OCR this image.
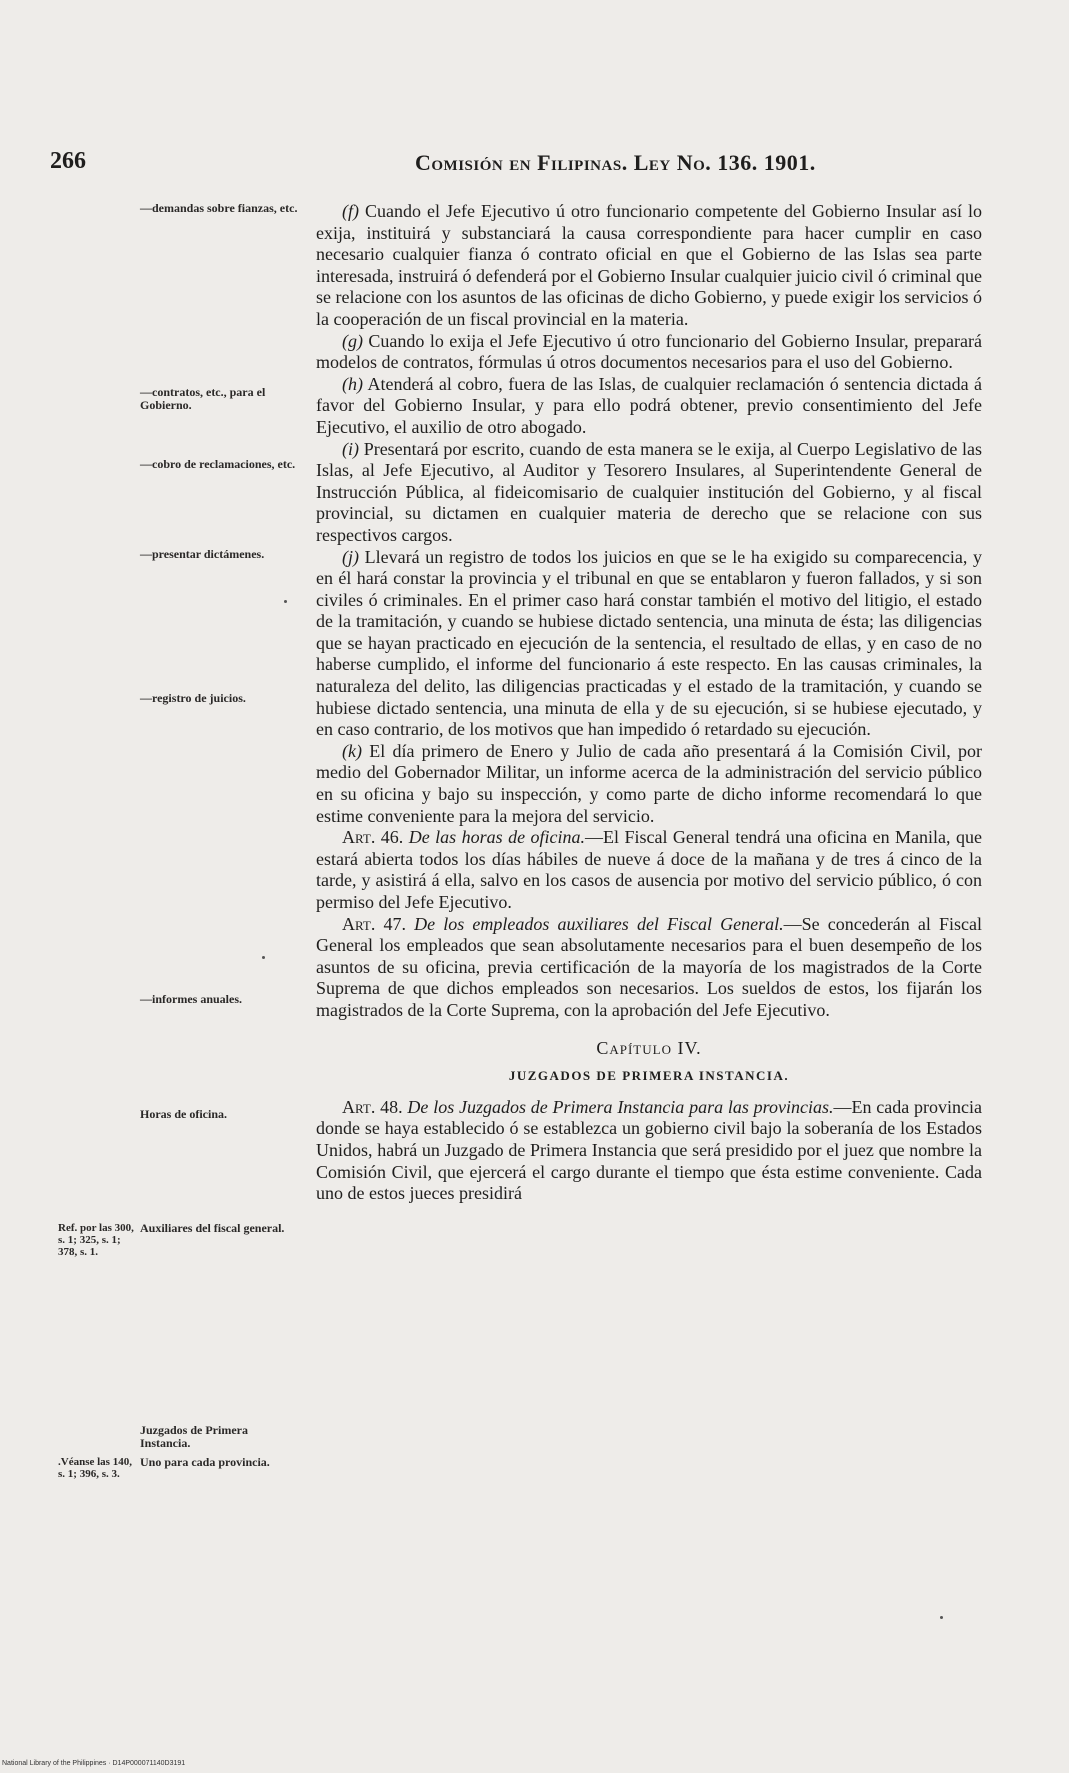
266	Comisión en Filipinas. Ley No. 136. 1901.
—demandas sobre fianzas, etc.
—contratos, etc., para el Gobierno.
—cobro de reclamaciones, etc.
—presentar dictámenes.
—registro de juicios.
—informes anuales.
Horas de oficina.
Auxiliares del fiscal general.
Juzgados de Primera Instancia.
Uno para cada provincia.
Ref. por las 300, s. 1; 325, s. 1; 378, s. 1.
.Véanse las 140, s. 1; 396, s. 3.

(f) Cuando el Jefe Ejecutivo ú otro funcionario competente del Gobierno Insular así lo exija, instituirá y substanciará la causa correspondiente para hacer cumplir en caso necesario cualquier fianza ó contrato oficial en que el Gobierno de las Islas sea parte interesada, instruirá ó defenderá por el Gobierno Insular cualquier juicio civil ó criminal que se relacione con los asuntos de las oficinas de dicho Gobierno, y puede exigir los servicios ó la cooperación de un fiscal provincial en la materia.

(g) Cuando lo exija el Jefe Ejecutivo ú otro funcionario del Gobierno Insular, preparará modelos de contratos, fórmulas ú otros documentos necesarios para el uso del Gobierno.

(h) Atenderá al cobro, fuera de las Islas, de cualquier reclamación ó sentencia dictada á favor del Gobierno Insular, y para ello podrá obtener, previo consentimiento del Jefe Ejecutivo, el auxilio de otro abogado.

(i) Presentará por escrito, cuando de esta manera se le exija, al Cuerpo Legislativo de las Islas, al Jefe Ejecutivo, al Auditor y Tesorero Insulares, al Superintendente General de Instrucción Pública, al fideicomisario de cualquier institución del Gobierno, y al fiscal provincial, su dictamen en cualquier materia de derecho que se relacione con sus respectivos cargos.

(j) Llevará un registro de todos los juicios en que se le ha exigido su comparecencia, y en él hará constar la provincia y el tribunal en que se entablaron y fueron fallados, y si son civiles ó criminales. En el primer caso hará constar también el motivo del litigio, el estado de la tramitación, y cuando se hubiese dictado sentencia, una minuta de ésta; las diligencias que se hayan practicado en ejecución de la sentencia, el resultado de ellas, y en caso de no haberse cumplido, el informe del funcionario á este respecto. En las causas criminales, la naturaleza del delito, las diligencias practicadas y el estado de la tramitación, y cuando se hubiese dictado sentencia, una minuta de ella y de su ejecución, si se hubiese ejecutado, y en caso contrario, de los motivos que han impedido ó retardado su ejecución.

(k) El día primero de Enero y Julio de cada año presentará á la Comisión Civil, por medio del Gobernador Militar, un informe acerca de la administración del servicio público en su oficina y bajo su inspección, y como parte de dicho informe recomendará lo que estime conveniente para la mejora del servicio.

Art. 46. De las horas de oficina.—El Fiscal General tendrá una oficina en Manila, que estará abierta todos los días hábiles de nueve á doce de la mañana y de tres á cinco de la tarde, y asistirá á ella, salvo en los casos de ausencia por motivo del servicio público, ó con permiso del Jefe Ejecutivo.

Art. 47. De los empleados auxiliares del Fiscal General.—Se concederán al Fiscal General los empleados que sean absolutamente necesarios para el buen desempeño de los asuntos de su oficina, previa certificación de la mayoría de los magistrados de la Corte Suprema de que dichos empleados son necesarios. Los sueldos de estos, los fijarán los magistrados de la Corte Suprema, con la aprobación del Jefe Ejecutivo.

Capítulo IV.
JUZGADOS DE PRIMERA INSTANCIA.

Art. 48. De los Juzgados de Primera Instancia para las provincias.—En cada provincia donde se haya establecido ó se establezca un gobierno civil bajo la soberanía de los Estados Unidos, habrá un Juzgado de Primera Instancia que será presidido por el juez que nombre la Comisión Civil, que ejercerá el cargo durante el tiempo que ésta estime conveniente. Cada uno de estos jueces presidirá

National Library of the Philippines · D14P000071140D3191
